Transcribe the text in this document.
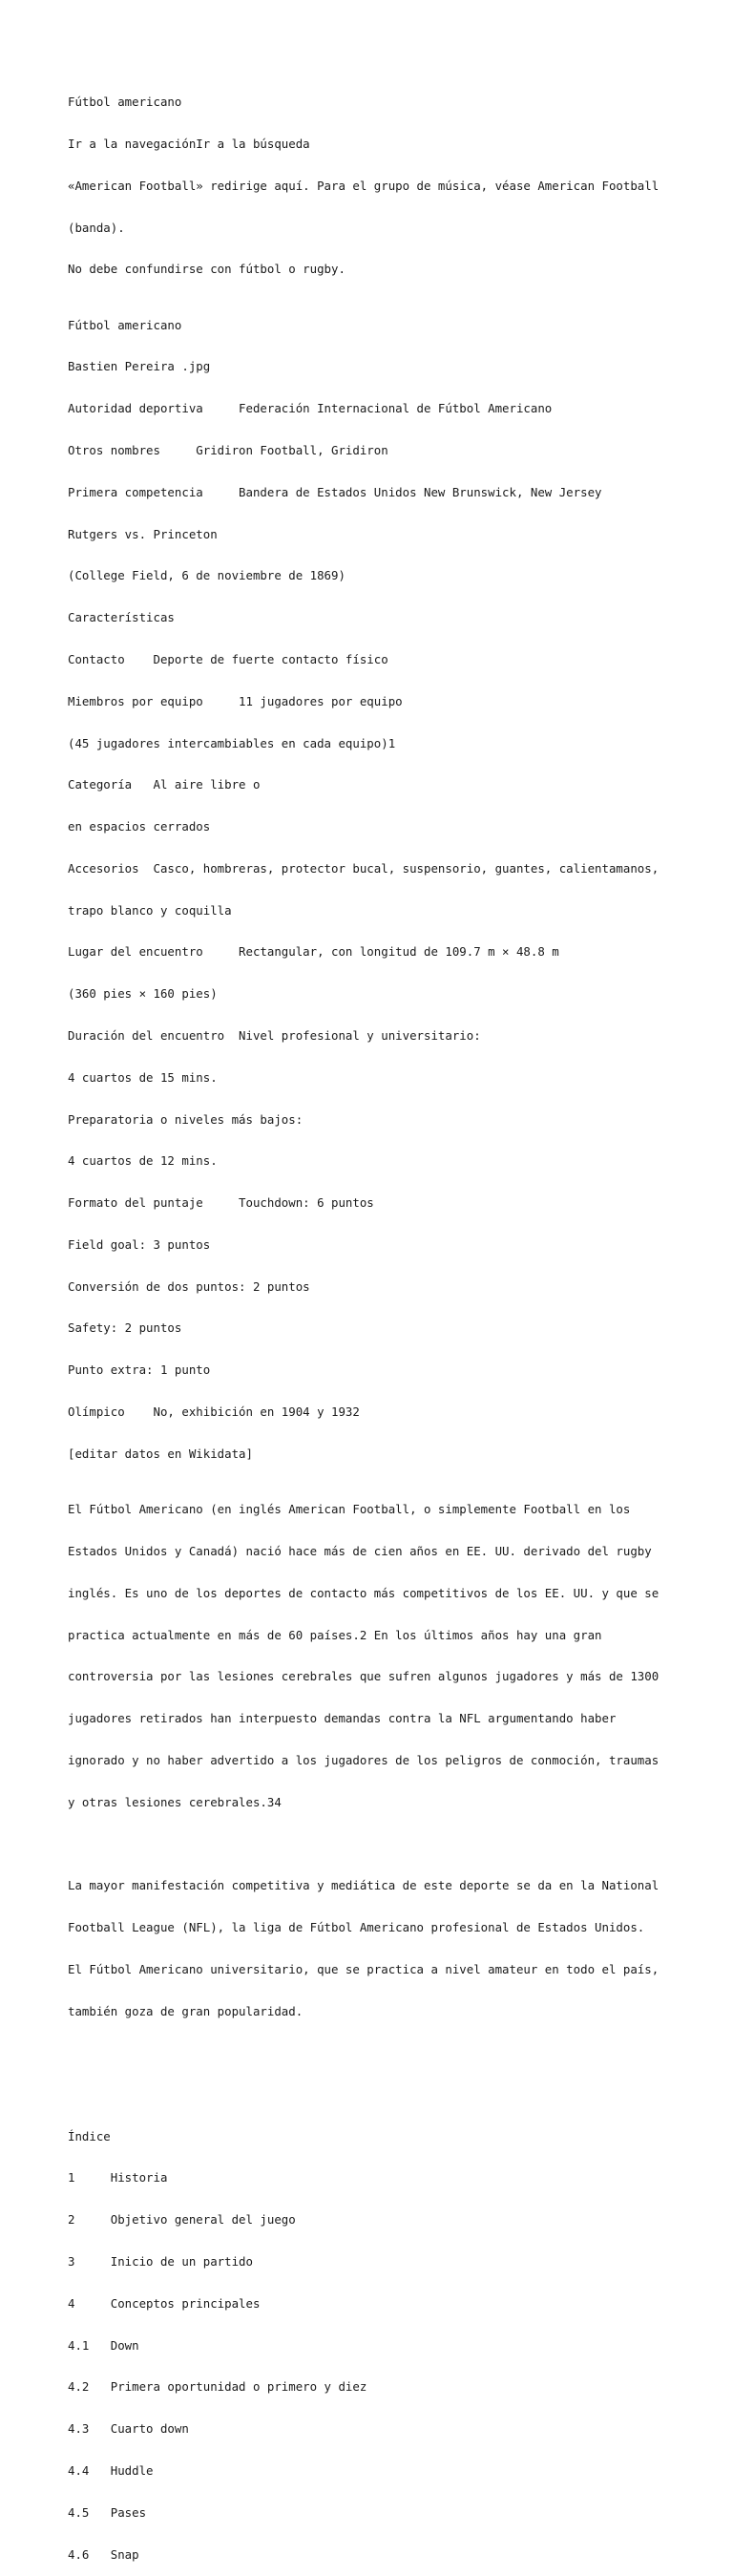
Fútbol americano

Ir a la navegaciónIr a la búsqueda

«American Football» redirige aquí. Para el grupo de música, véase American Football

(banda).

No debe confundirse con fútbol o rugby.

Fútbol americano

Bastien Pereira .jpg

Autoridad deportiva     Federación Internacional de Fútbol Americano

Otros nombres     Gridiron Football, Gridiron

Primera competencia     Bandera de Estados Unidos New Brunswick, New Jersey

Rutgers vs. Princeton

(College Field, 6 de noviembre de 1869)

Características

Contacto    Deporte de fuerte contacto físico

Miembros por equipo     11 jugadores por equipo

(45 jugadores intercambiables en cada equipo)1

Categoría   Al aire libre o

en espacios cerrados

Accesorios  Casco, hombreras, protector bucal, suspensorio, guantes, calientamanos,

trapo blanco y coquilla

Lugar del encuentro     Rectangular, con longitud de 109.7 m × 48.8 m

(360 pies × 160 pies)

Duración del encuentro  Nivel profesional y universitario:

4 cuartos de 15 mins.

Preparatoria o niveles más bajos:

4 cuartos de 12 mins.

Formato del puntaje     Touchdown: 6 puntos

Field goal: 3 puntos

Conversión de dos puntos: 2 puntos

Safety: 2 puntos

Punto extra: 1 punto

Olímpico    No, exhibición en 1904 y 1932

[editar datos en Wikidata]

El Fútbol Americano (en inglés American Football, o simplemente Football en los

Estados Unidos y Canadá) nació hace más de cien años en EE. UU. derivado del rugby

inglés. Es uno de los deportes de contacto más competitivos de los EE. UU. y que se

practica actualmente en más de 60 países.2 En los últimos años hay una gran

controversia por las lesiones cerebrales que sufren algunos jugadores y más de 1300

jugadores retirados han interpuesto demandas contra la NFL argumentando haber

ignorado y no haber advertido a los jugadores de los peligros de conmoción, traumas

y otras lesiones cerebrales.34

La mayor manifestación competitiva y mediática de este deporte se da en la National

Football League (NFL), la liga de Fútbol Americano profesional de Estados Unidos.

El Fútbol Americano universitario, que se practica a nivel amateur en todo el país,

también goza de gran popularidad.

Índice

1     Historia

2     Objetivo general del juego

3     Inicio de un partido

4     Conceptos principales

4.1   Down

4.2   Primera oportunidad o primero y diez

4.3   Cuarto down

4.4   Huddle

4.5   Pases

4.6   Snap
